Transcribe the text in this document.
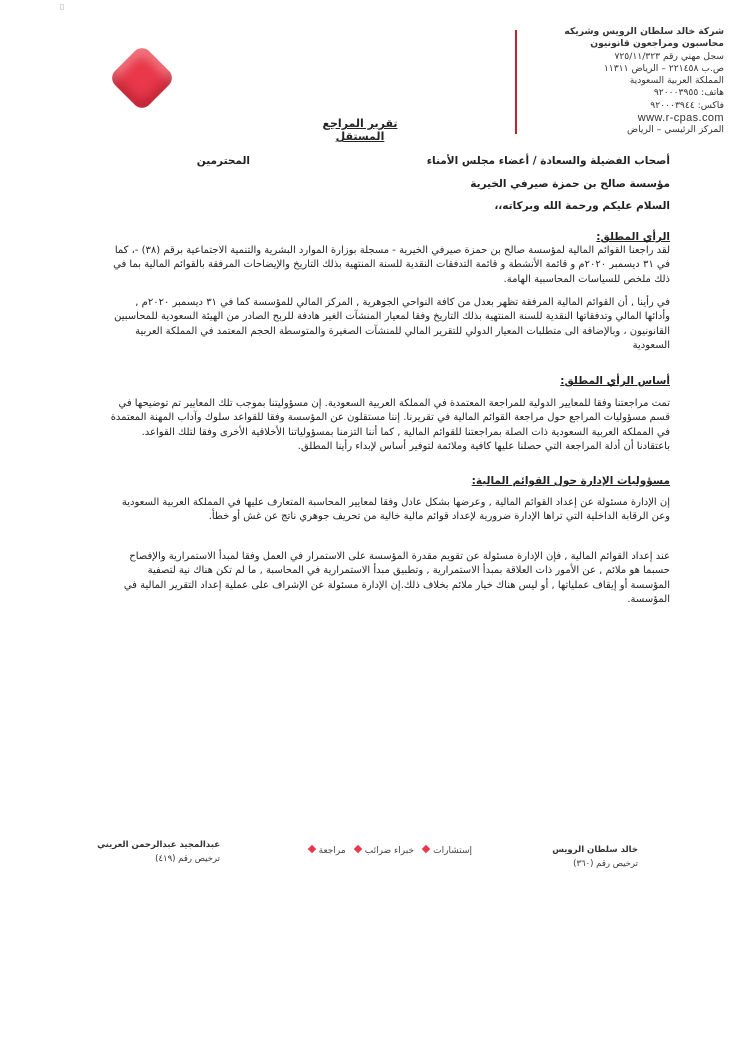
▯
شركة خالد سلطان الرويس وشريكه
محاسبون ومراجعون قانونيون
سجل مهني رقم ٧٢٥/١١/٣٢٣
ص.ب ٢٢١٤٥٨ – الرياض ١١٣١١
المملكة العربية السعودية
هاتف: ٩٢٠٠٠٣٩٥٥
فاكس: ٩٢٠٠٠٣٩٤٤
www.r-cpas.com
المركز الرئيسي – الرياض
تقرير المراجع المستقل
أصحاب الفضيلة والسعادة / أعضاء مجلس الأمناء
المحترمين
مؤسسة صالح بن حمزة صيرفي الخيرية
السلام عليكم ورحمة الله وبركاته،،
الرأي المطلق:
لقد راجعنا القوائم المالية لمؤسسة صالح بن حمزة صيرفي الخيرية - مسجلة بوزارة الموارد البشرية والتنمية الاجتماعية برقم (٣٨) -، كما في ٣١ ديسمبر ٢٠٢٠م و قائمة الأنشطة و قائمة التدفقات النقدية للسنة المنتهية بذلك التاريخ والإيضاحات المرفقة بالقوائم المالية بما في ذلك ملخص للسياسات المحاسبية الهامة.
في رأينا , أن القوائم المالية المرفقة تظهر بعدل من كافة النواحي الجوهرية , المركز المالي للمؤسسة كما في ٣١ ديسمبر ٢٠٢٠م , وأدائها المالي وتدفقاتها النقدية للسنة المنتهية بذلك التاريخ وفقا لمعيار المنشآت الغير هادفة للربح الصادر من الهيئة السعودية للمحاسبين القانونيون ، وبالإضافة الى متطلبات المعيار الدولي للتقرير المالي للمنشآت الصغيرة والمتوسطة الحجم المعتمد في المملكة العربية السعودية
أساس الرأي المطلق:
تمت مراجعتنا وفقا للمعايير الدولية للمراجعة المعتمدة في المملكة العربية السعودية. إن مسؤوليتنا بموجب تلك المعايير تم توضيحها في قسم مسؤوليات المراجع حول مراجعة القوائم المالية في تقريرنا. إننا مستقلون عن المؤسسة وفقا للقواعد سلوك وآداب المهنة المعتمدة في المملكة العربية السعودية ذات الصلة بمراجعتنا للقوائم المالية , كما أننا التزمنا بمسؤولياتنا الأخلاقية الأخرى وفقا لتلك القواعد. باعتقادنا أن أدلة المراجعة التي حصلنا عليها كافية وملائمة لتوفير أساس لإبداء رأينا المطلق.
مسؤوليات الإدارة حول القوائم المالية:
إن الإدارة مسئولة عن إعداد القوائم المالية , وعرضها بشكل عادل وفقا لمعايير المحاسبة المتعارف عليها في المملكة العربية السعودية وعن الرقابة الداخلية التي تراها الإدارة ضرورية لإعداد قوائم مالية خالية من تحريف جوهري ناتج عن غش أو خطأ.
عند إعداد القوائم المالية , فإن الإدارة مسئولة عن تقويم مقدرة المؤسسة على الاستمرار في العمل وفقا لمبدأ الاستمرارية والإفصاح حسبما هو ملائم , عن الأمور ذات العلاقة بمبدأ الاستمرارية , وتطبيق مبدأ الاستمرارية في المحاسبة , ما لم تكن هناك نية لتصفية المؤسسة أو إيقاف عملياتها , أو ليس هناك خيار ملائم بخلاف ذلك.إن الإدارة مسئولة عن الإشراف على عملية إعداد التقرير المالية في المؤسسة.
عبدالمجيد عبدالرحمن العريني
ترخيص رقم (٤١٩)
إستشارات خبراء ضرائب مراجعة	خالد سلطان الرويس
ترخيص رقم (٣٦٠)
